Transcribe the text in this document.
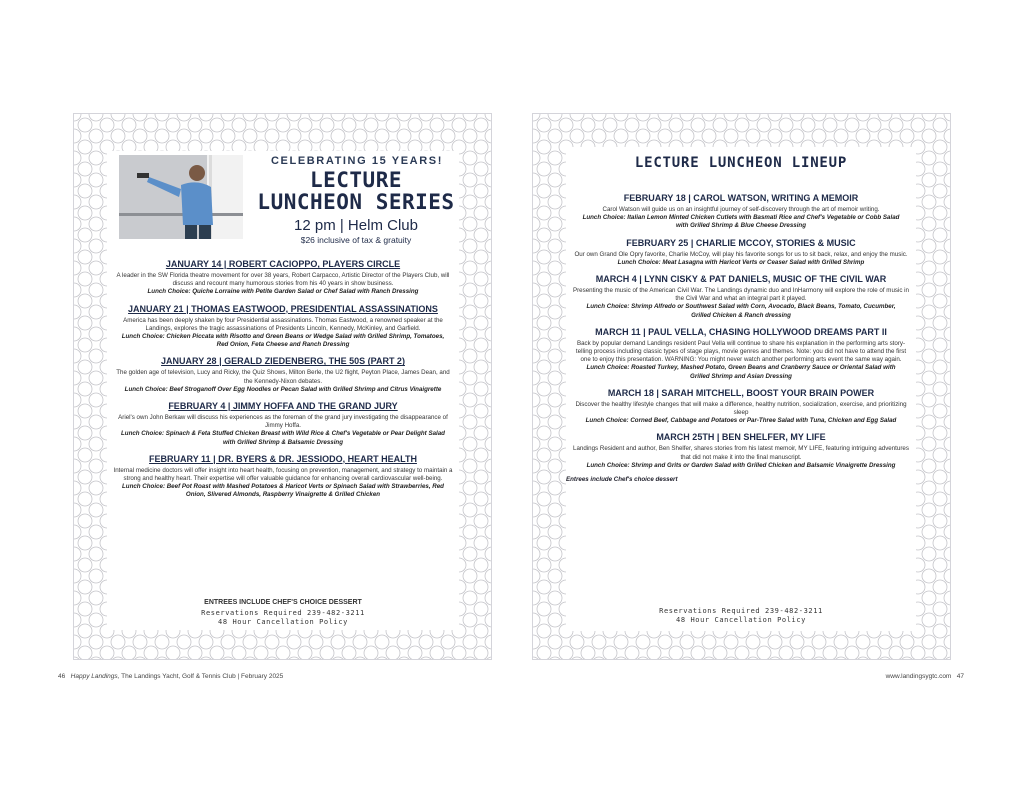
CELEBRATING 15 YEARS!
LECTURE
LUNCHEON SERIES
12 pm | Helm Club
$26 inclusive of tax & gratuity
JANUARY 14 | ROBERT CACIOPPO, PLAYERS CIRCLE
A leader in the SW Florida theatre movement for over 38 years, Robert Carpacco, Artistic Director of the Players Club, will discuss and recount many humorous stories from his 40 years in show business.
Lunch Choice: Quiche Lorraine with Petite Garden Salad or Chef Salad with Ranch Dressing
JANUARY 21 | THOMAS EASTWOOD, PRESIDENTIAL ASSASSINATIONS
America has been deeply shaken by four Presidential assassinations. Thomas Eastwood, a renowned speaker at the Landings, explores the tragic assassinations of Presidents Lincoln, Kennedy, McKinley, and Garfield.
Lunch Choice: Chicken Piccata with Risotto and Green Beans or Wedge Salad with Grilled Shrimp, Tomatoes, Red Onion, Feta Cheese and Ranch Dressing
JANUARY 28 | GERALD ZIEDENBERG, THE 50S (PART 2)
The golden age of television, Lucy and Ricky, the Quiz Shows, Milton Berle, the U2 flight, Peyton Place, James Dean, and the Kennedy-Nixon debates.
Lunch Choice: Beef Stroganoff Over Egg Noodles or Pecan Salad with Grilled Shrimp and Citrus Vinaigrette
FEBRUARY 4 | JIMMY HOFFA AND THE GRAND JURY
Ariel's own John Berkaw will discuss his experiences as the foreman of the grand jury investigating the disappearance of Jimmy Hoffa.
Lunch Choice: Spinach & Feta Stuffed Chicken Breast with Wild Rice & Chef's Vegetable or Pear Delight Salad with Grilled Shrimp & Balsamic Dressing
FEBRUARY 11 | DR. BYERS & DR. JESSIODO, HEART HEALTH
Internal medicine doctors will offer insight into heart health, focusing on prevention, management, and strategy to maintain a strong and healthy heart. Their expertise will offer valuable guidance for enhancing overall cardiovascular well-being.
Lunch Choice: Beef Pot Roast with Mashed Potatoes & Haricot Verts or Spinach Salad with Strawberries, Red Onion, Slivered Almonds, Raspberry Vinaigrette & Grilled Chicken
ENTREES INCLUDE CHEF'S CHOICE DESSERT
Reservations Required 239-482-3211
48 Hour Cancellation Policy
LECTURE LUNCHEON LINEUP
FEBRUARY 18 | CAROL WATSON, WRITING A MEMOIR
Carol Watson will guide us on an insightful journey of self-discovery through the art of memoir writing.
Lunch Choice: Italian Lemon Minted Chicken Cutlets with Basmati Rice and Chef's Vegetable or Cobb Salad with Grilled Shrimp & Blue Cheese Dressing
FEBRUARY 25 | CHARLIE MCCOY, STORIES & MUSIC
Our own Grand Ole Opry favorite, Charlie McCoy, will play his favorite songs for us to sit back, relax, and enjoy the music.
Lunch Choice: Meat Lasagna with Haricot Verts or Ceaser Salad with Grilled Shrimp
MARCH 4 | LYNN CISKY & PAT DANIELS, MUSIC OF THE CIVIL WAR
Presenting the music of the American Civil War. The Landings dynamic duo and InHarmony will explore the role of music in the Civil War and what an integral part it played.
Lunch Choice: Shrimp Alfredo or Southwest Salad with Corn, Avocado, Black Beans, Tomato, Cucumber, Grilled Chicken & Ranch dressing
MARCH 11 | PAUL VELLA, CHASING HOLLYWOOD DREAMS PART II
Back by popular demand Landings resident Paul Vella will continue to share his explanation in the performing arts story-telling process including classic types of stage plays, movie genres and themes. Note: you did not have to attend the first one to enjoy this presentation. WARNING: You might never watch another performing arts event the same way again.
Lunch Choice: Roasted Turkey, Mashed Potato, Green Beans and Cranberry Sauce or Oriental Salad with Grilled Shrimp and Asian Dressing
MARCH 18 | SARAH MITCHELL, BOOST YOUR BRAIN POWER
Discover the healthy lifestyle changes that will make a difference, healthy nutrition, socialization, exercise, and prioritizing sleep
Lunch Choice: Corned Beef, Cabbage and Potatoes or Par-Three Salad with Tuna, Chicken and Egg Salad
MARCH 25TH | BEN SHELFER, MY LIFE
Landings Resident and author, Ben Shelfer, shares stories from his latest memoir, MY LIFE, featuring intriguing adventures that did not make it into the final manuscript.
Lunch Choice: Shrimp and Grits or Garden Salad with Grilled Chicken and Balsamic Vinaigrette Dressing
Entrees include Chef's choice dessert
Reservations Required 239-482-3211
48 Hour Cancellation Policy
46 Happy Landings, The Landings Yacht, Golf & Tennis Club | February 2025	www.landingsygtc.com 47
